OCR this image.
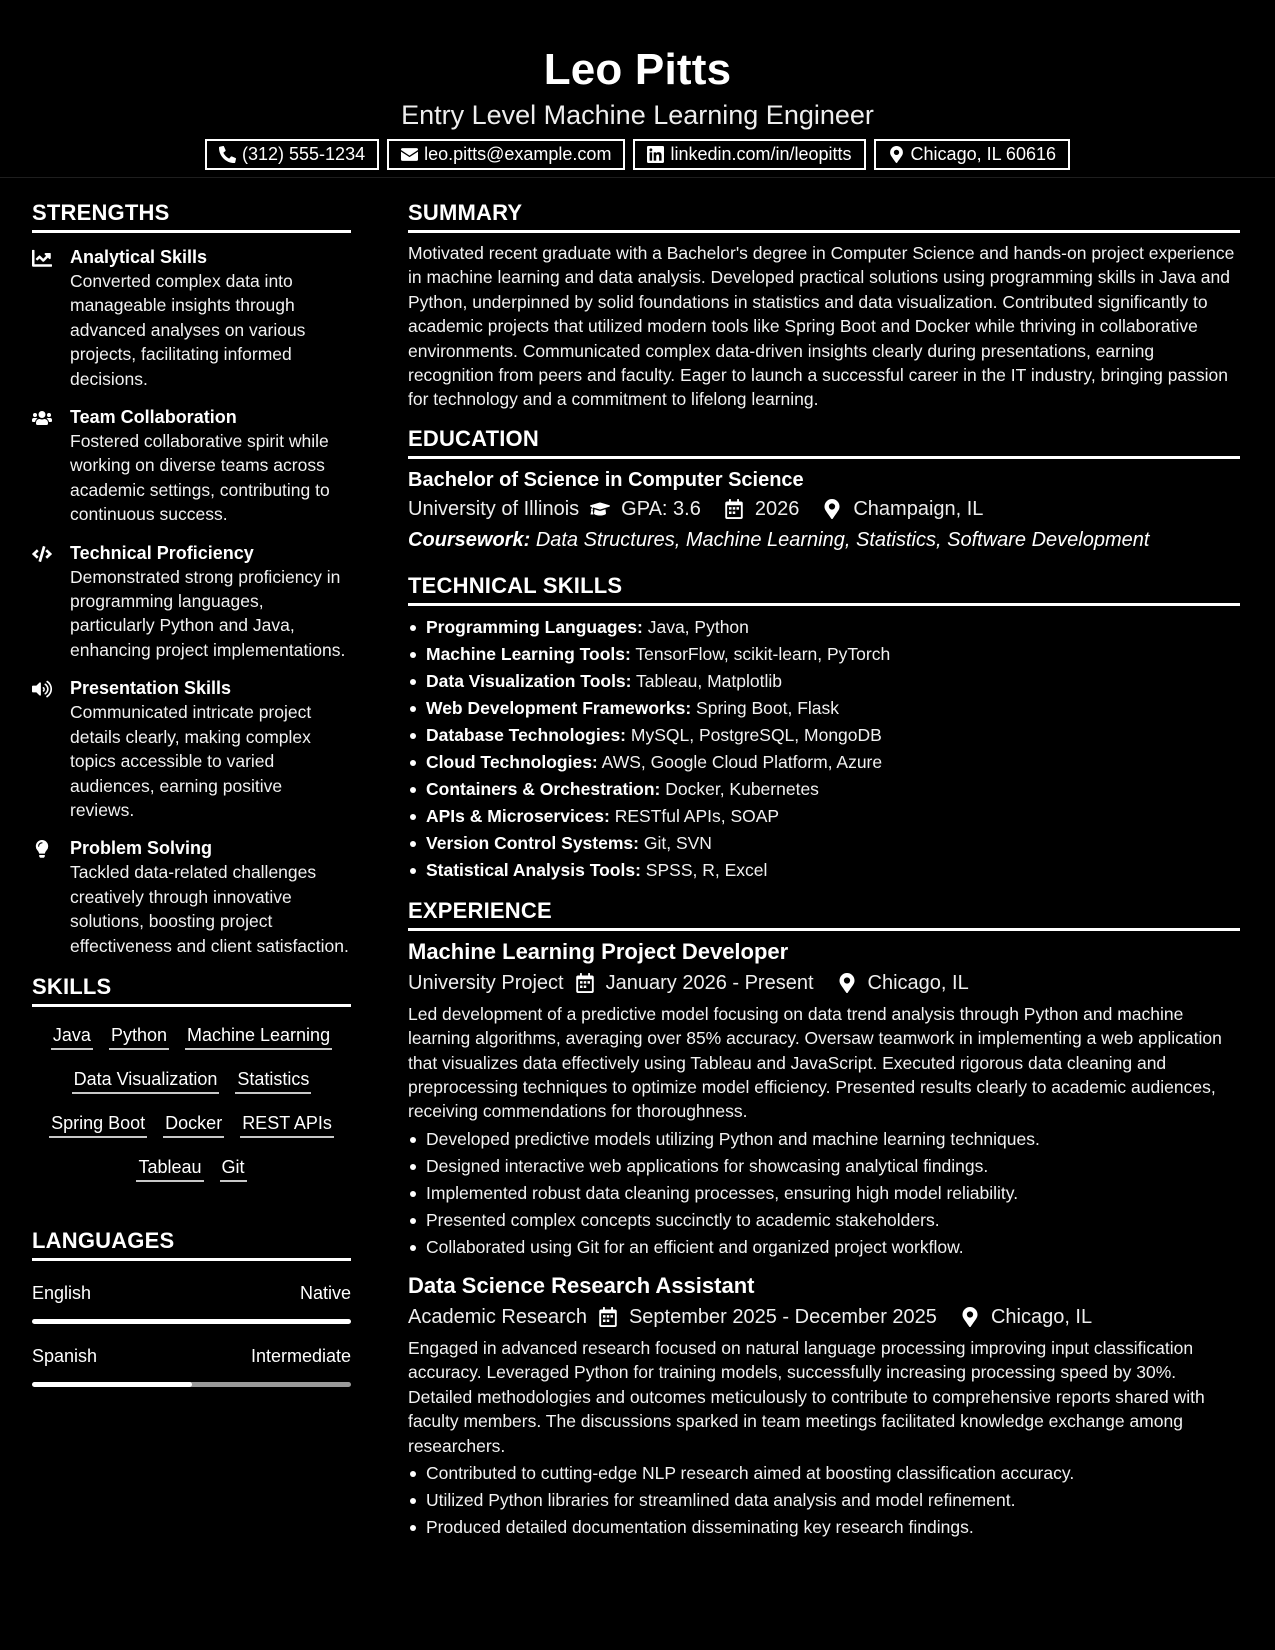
Leo Pitts
Entry Level Machine Learning Engineer
(312) 555-1234	leo.pitts@example.com	linkedin.com/in/leopitts	Chicago, IL 60616
STRENGTHS
Analytical Skills

Converted complex data into manageable insights through advanced analyses on various projects, facilitating informed decisions.

Team Collaboration

Fostered collaborative spirit while working on diverse teams across academic settings, contributing to continuous success.

Technical Proficiency

Demonstrated strong proficiency in programming languages, particularly Python and Java, enhancing project implementations.

Presentation Skills

Communicated intricate project details clearly, making complex topics accessible to varied audiences, earning positive reviews.

Problem Solving

Tackled data-related challenges creatively through innovative solutions, boosting project effectiveness and client satisfaction.

SKILLS
Java Python Machine Learning
Data Visualization Statistics
Spring Boot Docker REST APIs
Tableau Git
LANGUAGES
English	Native
Spanish	Intermediate
SUMMARY

Motivated recent graduate with a Bachelor's degree in Computer Science and hands-on project experience in machine learning and data analysis. Developed practical solutions using programming skills in Java and Python, underpinned by solid foundations in statistics and data visualization. Contributed significantly to academic projects that utilized modern tools like Spring Boot and Docker while thriving in collaborative environments. Communicated complex data-driven insights clearly during presentations, earning recognition from peers and faculty. Eager to launch a successful career in the IT industry, bringing passion for technology and a commitment to lifelong learning.

EDUCATION
Bachelor of Science in Computer Science
University of Illinois GPA: 3.6	2026	Champaign, IL
Coursework: Data Structures, Machine Learning, Statistics, Software Development
TECHNICAL SKILLS
Programming Languages: Java, Python
Machine Learning Tools: TensorFlow, scikit-learn, PyTorch
Data Visualization Tools: Tableau, Matplotlib
Web Development Frameworks: Spring Boot, Flask
Database Technologies: MySQL, PostgreSQL, MongoDB
Cloud Technologies: AWS, Google Cloud Platform, Azure
Containers & Orchestration: Docker, Kubernetes
APIs & Microservices: RESTful APIs, SOAP
Version Control Systems: Git, SVN
Statistical Analysis Tools: SPSS, R, Excel
EXPERIENCE
Machine Learning Project Developer
University Project January 2026 - Present	Chicago, IL

Led development of a predictive model focusing on data trend analysis through Python and machine learning algorithms, averaging over 85% accuracy. Oversaw teamwork in implementing a web application that visualizes data effectively using Tableau and JavaScript. Executed rigorous data cleaning and preprocessing techniques to optimize model efficiency. Presented results clearly to academic audiences, receiving commendations for thoroughness.

Developed predictive models utilizing Python and machine learning techniques.
Designed interactive web applications for showcasing analytical findings.
Implemented robust data cleaning processes, ensuring high model reliability.
Presented complex concepts succinctly to academic stakeholders.
Collaborated using Git for an efficient and organized project workflow.
Data Science Research Assistant
Academic Research September 2025 - December 2025	Chicago, IL

Engaged in advanced research focused on natural language processing improving input classification accuracy. Leveraged Python for training models, successfully increasing processing speed by 30%. Detailed methodologies and outcomes meticulously to contribute to comprehensive reports shared with faculty members. The discussions sparked in team meetings facilitated knowledge exchange among researchers.

Contributed to cutting-edge NLP research aimed at boosting classification accuracy.
Utilized Python libraries for streamlined data analysis and model refinement.
Produced detailed documentation disseminating key research findings.
